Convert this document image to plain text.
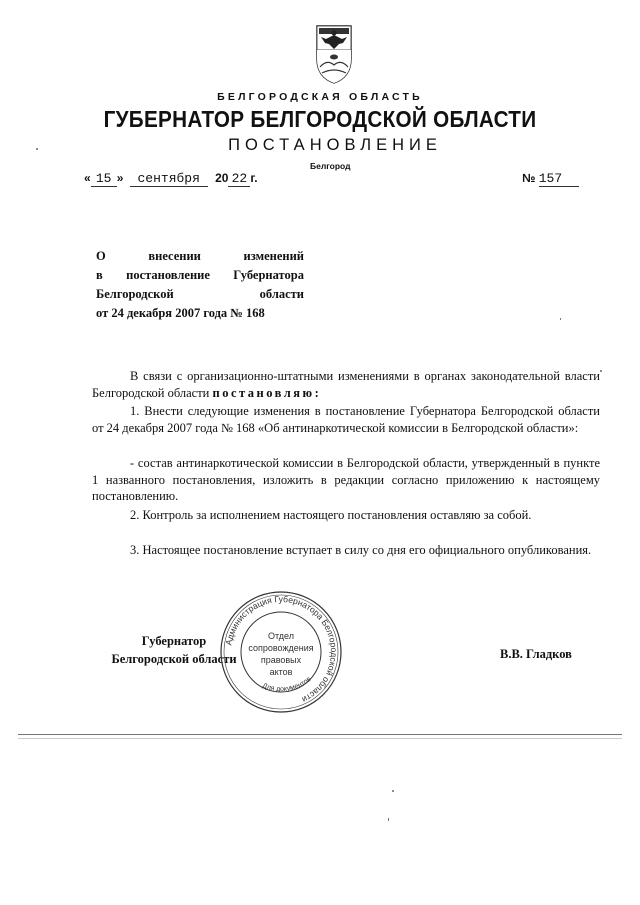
БЕЛГОРОДСКАЯ ОБЛАСТЬ
ГУБЕРНАТОР БЕЛГОРОДСКОЙ ОБЛАСТИ
ПОСТАНОВЛЕНИЕ
Белгород
« 15 » сентября 20 22 г.	№ 157
О	внесении	изменений
в постановление Губернатора
Белгородской	области
от 24 декабря 2007 года № 168
В связи с организационно-штатными изменениями в органах законодательной власти Белгородской области постановляю:
1. Внести следующие изменения в постановление Губернатора Белгородской области от 24 декабря 2007 года № 168 «Об антинаркотической комиссии в Белгородской области»:
- состав антинаркотической комиссии в Белгородской области, утвержденный в пункте 1 названного постановления, изложить в редакции согласно приложению к настоящему постановлению.
2. Контроль за исполнением настоящего постановления оставляю за собой.
3. Настоящее постановление вступает в силу со дня его официального опубликования.
Губернатор
Белгородской области	В.В. Гладков
Администрация Губернатора Белгородской области
Для документов
Отдел
сопровождения
правовых
актов
